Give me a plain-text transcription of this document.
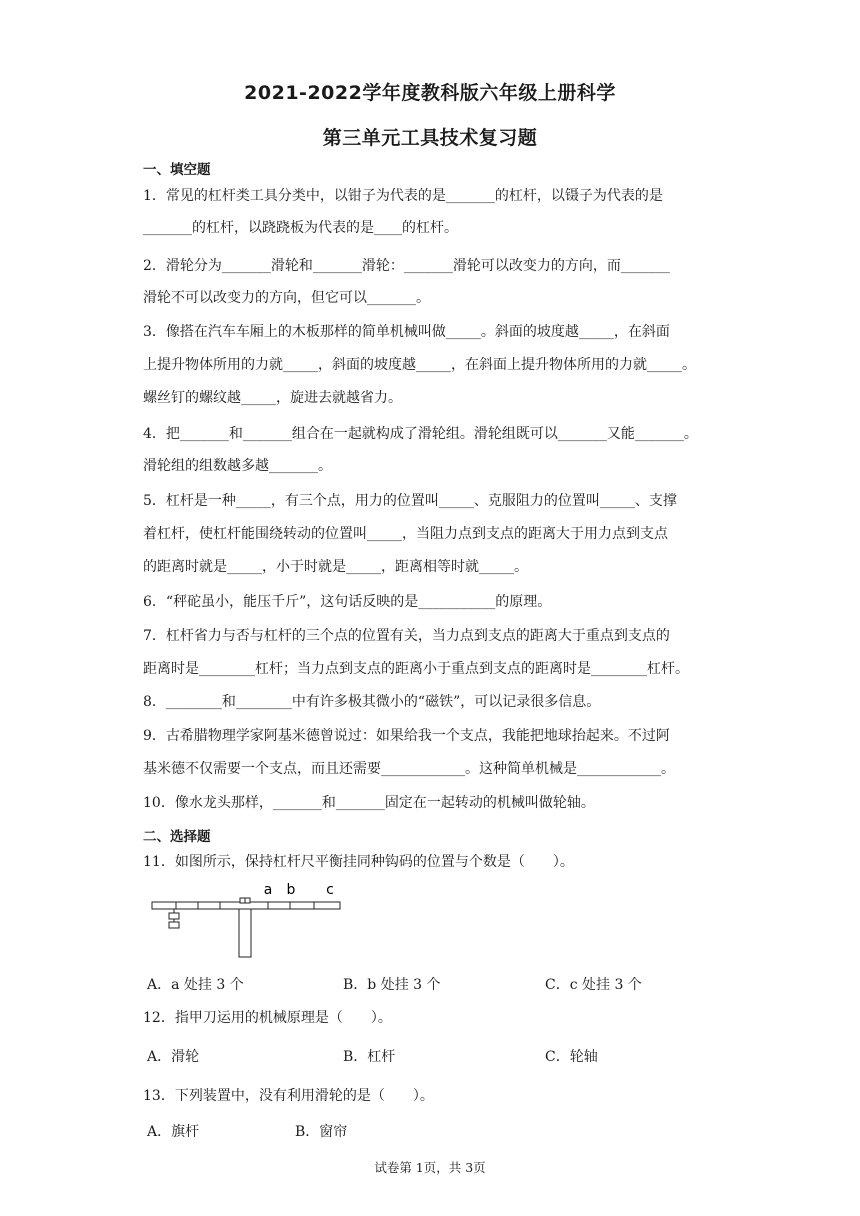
2021-2022学年度教科版六年级上册科学
第三单元工具技术复习题
一、填空题
1．常见的杠杆类工具分类中，以钳子为代表的是_______的杠杆，以镊子为代表的是
_______的杠杆，以跷跷板为代表的是____的杠杆。
2．滑轮分为_______滑轮和_______滑轮：_______滑轮可以改变力的方向，而_______
滑轮不可以改变力的方向，但它可以_______。
3．像搭在汽车车厢上的木板那样的简单机械叫做_____。斜面的坡度越_____，在斜面
上提升物体所用的力就_____，斜面的坡度越_____，在斜面上提升物体所用的力就_____。
螺丝钉的螺纹越_____，旋进去就越省力。
4．把_______和_______组合在一起就构成了滑轮组。滑轮组既可以_______又能_______。
滑轮组的组数越多越_______。
5．杠杆是一种_____，有三个点，用力的位置叫_____、克服阻力的位置叫_____、支撑
着杠杆，使杠杆能围绕转动的位置叫_____，当阻力点到支点的距离大于用力点到支点
的距离时就是_____，小于时就是_____，距离相等时就_____。
6．“秤砣虽小，能压千斤”，这句话反映的是___________的原理。
7．杠杆省力与否与杠杆的三个点的位置有关，当力点到支点的距离大于重点到支点的
距离时是________杠杆；当力点到支点的距离小于重点到支点的距离时是________杠杆。
8．________和________中有许多极其微小的“磁铁”，可以记录很多信息。
9．古希腊物理学家阿基米德曾说过：如果给我一个支点，我能把地球抬起来。不过阿
基米德不仅需要一个支点，而且还需要____________。这种简单机械是____________。
10．像水龙头那样，_______和_______固定在一起转动的机械叫做轮轴。
二、选择题
11．如图所示，保持杠杆尺平衡挂同种钩码的位置与个数是（　　）。
a b c
A．a 处挂 3 个	B．b 处挂 3 个	C．c 处挂 3 个
12．指甲刀运用的机械原理是（　　）。
A．滑轮	B．杠杆	C．轮轴
13．下列装置中，没有利用滑轮的是（　　）。
A．旗杆	B．窗帘
试卷第 1页，共 3页
